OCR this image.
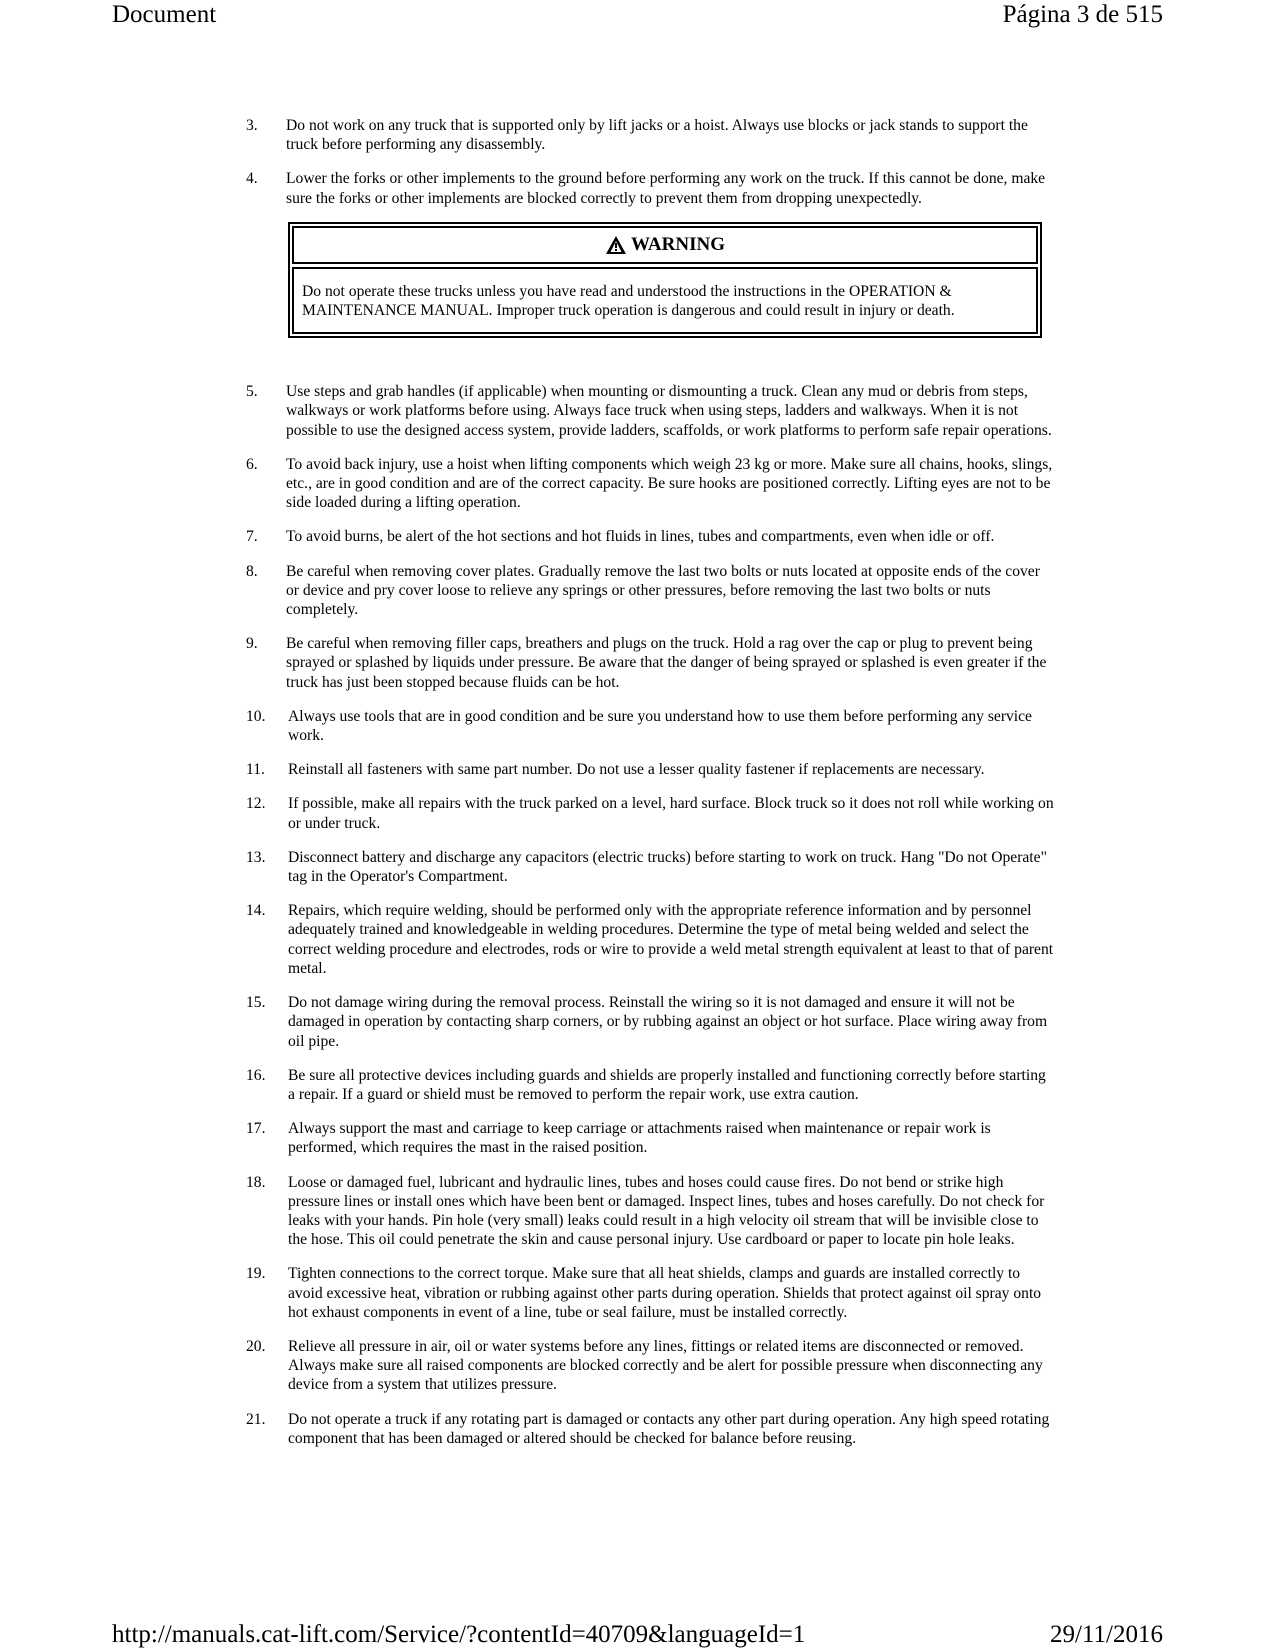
Document	Página 3 de 515
3.	Do not work on any truck that is supported only by lift jacks or a hoist. Always use blocks or jack stands to support the truck before performing any disassembly.
4.	Lower the forks or other implements to the ground before performing any work on the truck. If this cannot be done, make sure the forks or other implements are blocked correctly to prevent them from dropping unexpectedly.
WARNING
Do not operate these trucks unless you have read and understood the instructions in the OPERATION & MAINTENANCE MANUAL. Improper truck operation is dangerous and could result in injury or death.
5.	Use steps and grab handles (if applicable) when mounting or dismounting a truck. Clean any mud or debris from steps, walkways or work platforms before using. Always face truck when using steps, ladders and walkways. When it is not possible to use the designed access system, provide ladders, scaffolds, or work platforms to perform safe repair operations.
6.	To avoid back injury, use a hoist when lifting components which weigh 23 kg or more. Make sure all chains, hooks, slings, etc., are in good condition and are of the correct capacity. Be sure hooks are positioned correctly. Lifting eyes are not to be side loaded during a lifting operation.
7.	To avoid burns, be alert of the hot sections and hot fluids in lines, tubes and compartments, even when idle or off.
8.	Be careful when removing cover plates. Gradually remove the last two bolts or nuts located at opposite ends of the cover or device and pry cover loose to relieve any springs or other pressures, before removing the last two bolts or nuts completely.
9.	Be careful when removing filler caps, breathers and plugs on the truck. Hold a rag over the cap or plug to prevent being sprayed or splashed by liquids under pressure. Be aware that the danger of being sprayed or splashed is even greater if the truck has just been stopped because fluids can be hot.
10.	Always use tools that are in good condition and be sure you understand how to use them before performing any service work.
11.	Reinstall all fasteners with same part number. Do not use a lesser quality fastener if replacements are necessary.
12.	If possible, make all repairs with the truck parked on a level, hard surface. Block truck so it does not roll while working on or under truck.
13.	Disconnect battery and discharge any capacitors (electric trucks) before starting to work on truck. Hang "Do not Operate" tag in the Operator's Compartment.
14.	Repairs, which require welding, should be performed only with the appropriate reference information and by personnel adequately trained and knowledgeable in welding procedures. Determine the type of metal being welded and select the correct welding procedure and electrodes, rods or wire to provide a weld metal strength equivalent at least to that of parent metal.
15.	Do not damage wiring during the removal process. Reinstall the wiring so it is not damaged and ensure it will not be damaged in operation by contacting sharp corners, or by rubbing against an object or hot surface. Place wiring away from oil pipe.
16.	Be sure all protective devices including guards and shields are properly installed and functioning correctly before starting a repair. If a guard or shield must be removed to perform the repair work, use extra caution.
17.	Always support the mast and carriage to keep carriage or attachments raised when maintenance or repair work is performed, which requires the mast in the raised position.
18.	Loose or damaged fuel, lubricant and hydraulic lines, tubes and hoses could cause fires. Do not bend or strike high pressure lines or install ones which have been bent or damaged. Inspect lines, tubes and hoses carefully. Do not check for leaks with your hands. Pin hole (very small) leaks could result in a high velocity oil stream that will be invisible close to the hose. This oil could penetrate the skin and cause personal injury. Use cardboard or paper to locate pin hole leaks.
19.	Tighten connections to the correct torque. Make sure that all heat shields, clamps and guards are installed correctly to avoid excessive heat, vibration or rubbing against other parts during operation. Shields that protect against oil spray onto hot exhaust components in event of a line, tube or seal failure, must be installed correctly.
20.	Relieve all pressure in air, oil or water systems before any lines, fittings or related items are disconnected or removed. Always make sure all raised components are blocked correctly and be alert for possible pressure when disconnecting any device from a system that utilizes pressure.
21.	Do not operate a truck if any rotating part is damaged or contacts any other part during operation. Any high speed rotating component that has been damaged or altered should be checked for balance before reusing.
http://manuals.cat-lift.com/Service/?contentId=40709&languageId=1	29/11/2016
